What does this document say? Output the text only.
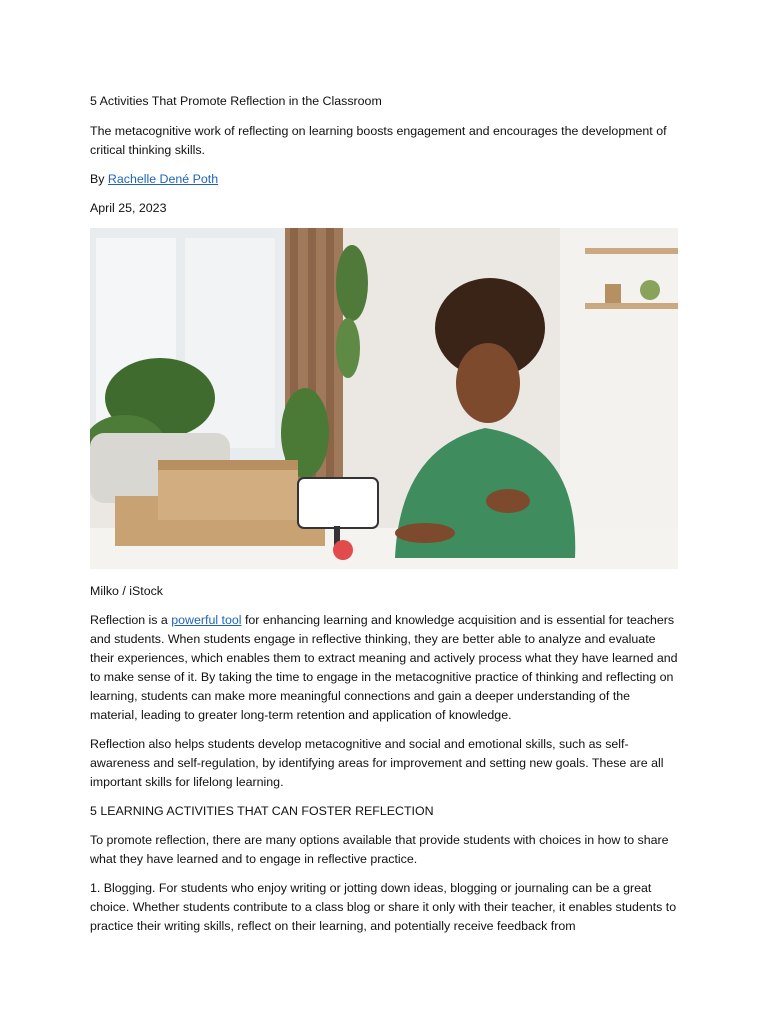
5 Activities That Promote Reflection in the Classroom

The metacognitive work of reflecting on learning boosts engagement and encourages the development of critical thinking skills.

By Rachelle Dené Poth

April 25, 2023

Milko / iStock

Reflection is a powerful tool for enhancing learning and knowledge acquisition and is essential for teachers and students. When students engage in reflective thinking, they are better able to analyze and evaluate their experiences, which enables them to extract meaning and actively process what they have learned and to make sense of it. By taking the time to engage in the metacognitive practice of thinking and reflecting on learning, students can make more meaningful connections and gain a deeper understanding of the material, leading to greater long-term retention and application of knowledge.

Reflection also helps students develop metacognitive and social and emotional skills, such as self-awareness and self-regulation, by identifying areas for improvement and setting new goals. These are all important skills for lifelong learning.

5 LEARNING ACTIVITIES THAT CAN FOSTER REFLECTION

To promote reflection, there are many options available that provide students with choices in how to share what they have learned and to engage in reflective practice.

1. Blogging. For students who enjoy writing or jotting down ideas, blogging or journaling can be a great choice. Whether students contribute to a class blog or share it only with their teacher, it enables students to practice their writing skills, reflect on their learning, and potentially receive feedback from
